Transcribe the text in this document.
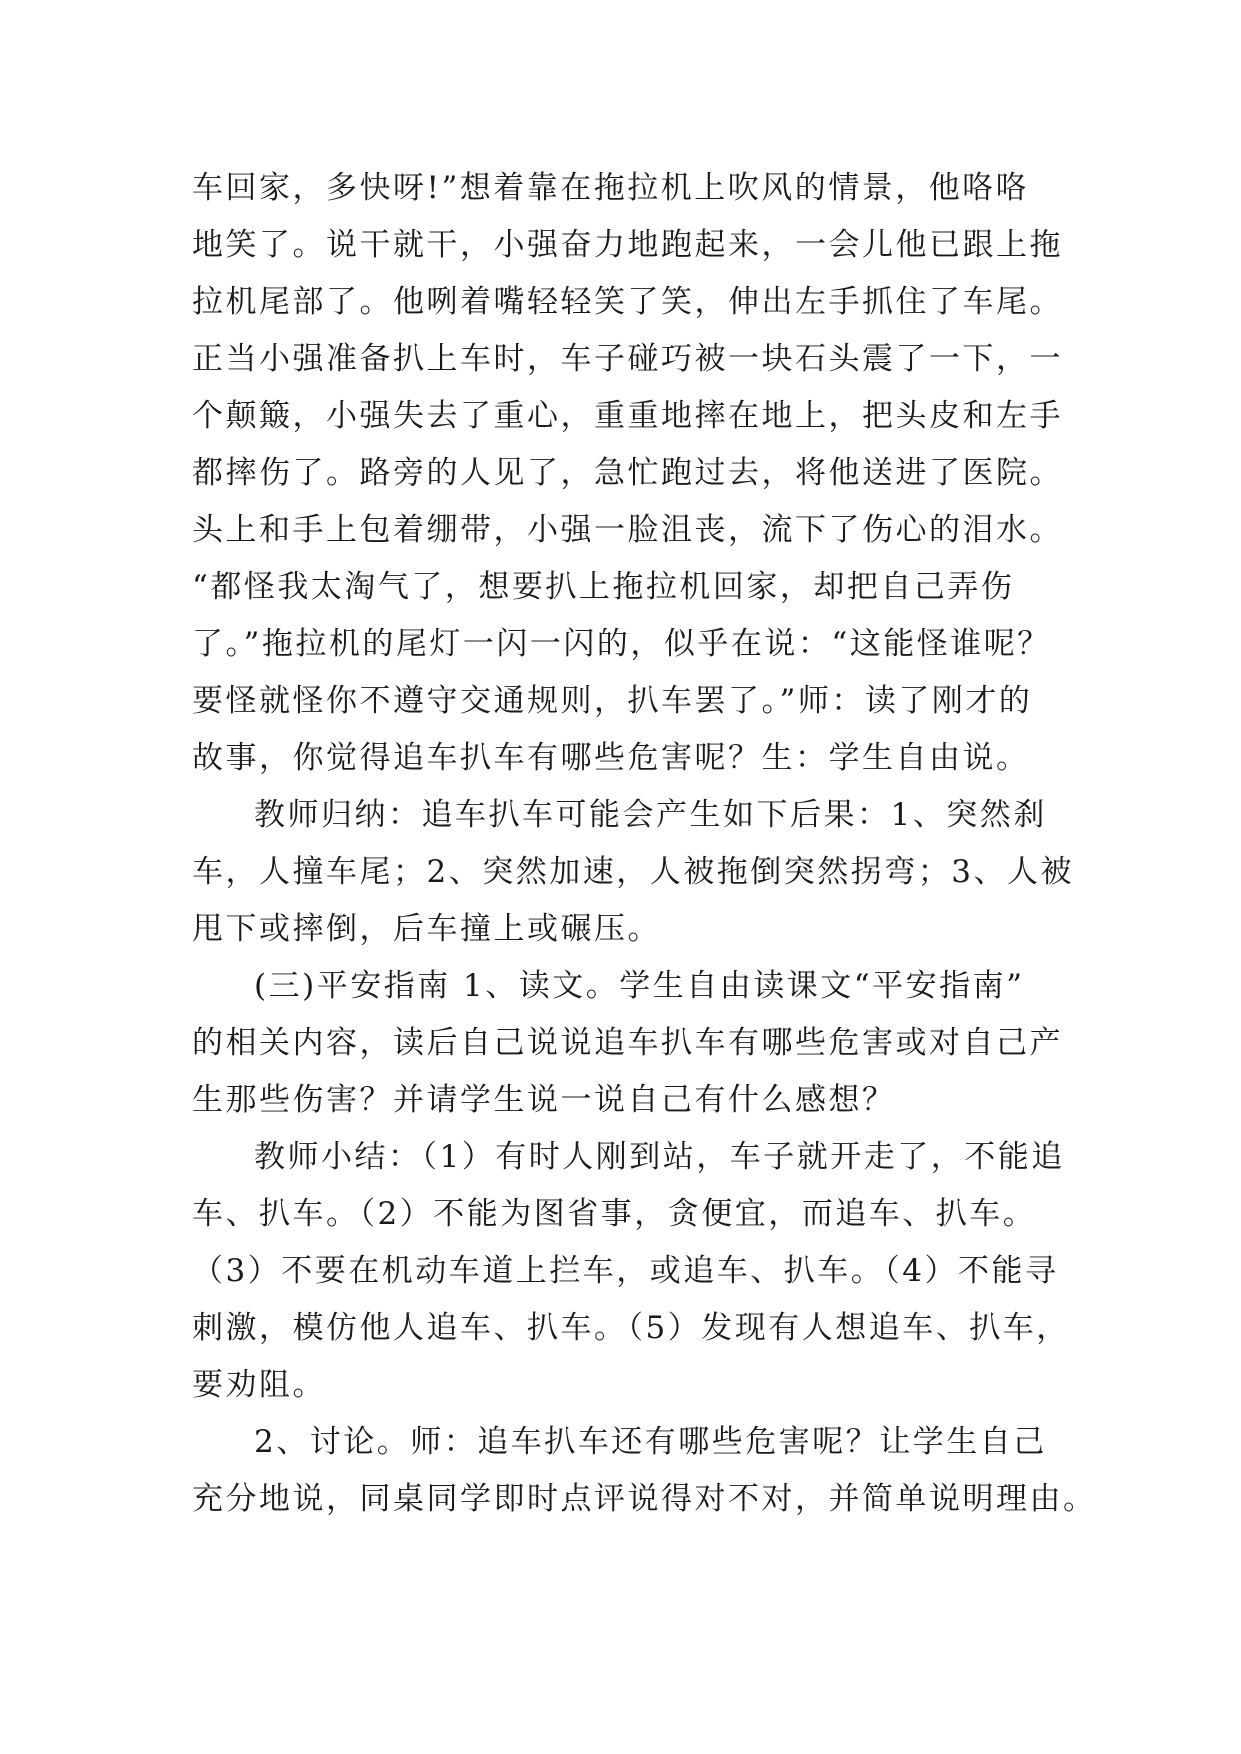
车回家，多快呀!”想着靠在拖拉机上吹风的情景，他咯咯
地笑了。说干就干，小强奋力地跑起来，一会儿他已跟上拖
拉机尾部了。他咧着嘴轻轻笑了笑，伸出左手抓住了车尾。
正当小强准备扒上车时，车子碰巧被一块石头震了一下，一
个颠簸，小强失去了重心，重重地摔在地上，把头皮和左手
都摔伤了。路旁的人见了，急忙跑过去，将他送进了医院。
头上和手上包着绷带，小强一脸沮丧，流下了伤心的泪水。
“都怪我太淘气了，想要扒上拖拉机回家，却把自己弄伤
了。”拖拉机的尾灯一闪一闪的，似乎在说：“这能怪谁呢？
要怪就怪你不遵守交通规则，扒车罢了。”师：读了刚才的
故事，你觉得追车扒车有哪些危害呢？生：学生自由说。
教师归纳：追车扒车可能会产生如下后果：1、突然刹
车，人撞车尾；2、突然加速，人被拖倒突然拐弯；3、人被
甩下或摔倒，后车撞上或碾压。
(三)平安指南 1、读文。学生自由读课文“平安指南”
的相关内容，读后自己说说追车扒车有哪些危害或对自己产
生那些伤害？并请学生说一说自己有什么感想？
教师小结：（1）有时人刚到站，车子就开走了，不能追
车、扒车。（2）不能为图省事，贪便宜，而追车、扒车。
（3）不要在机动车道上拦车，或追车、扒车。（4）不能寻
刺激，模仿他人追车、扒车。（5）发现有人想追车、扒车，
要劝阻。
2、讨论。师：追车扒车还有哪些危害呢？让学生自己
充分地说，同桌同学即时点评说得对不对，并简单说明理由。
